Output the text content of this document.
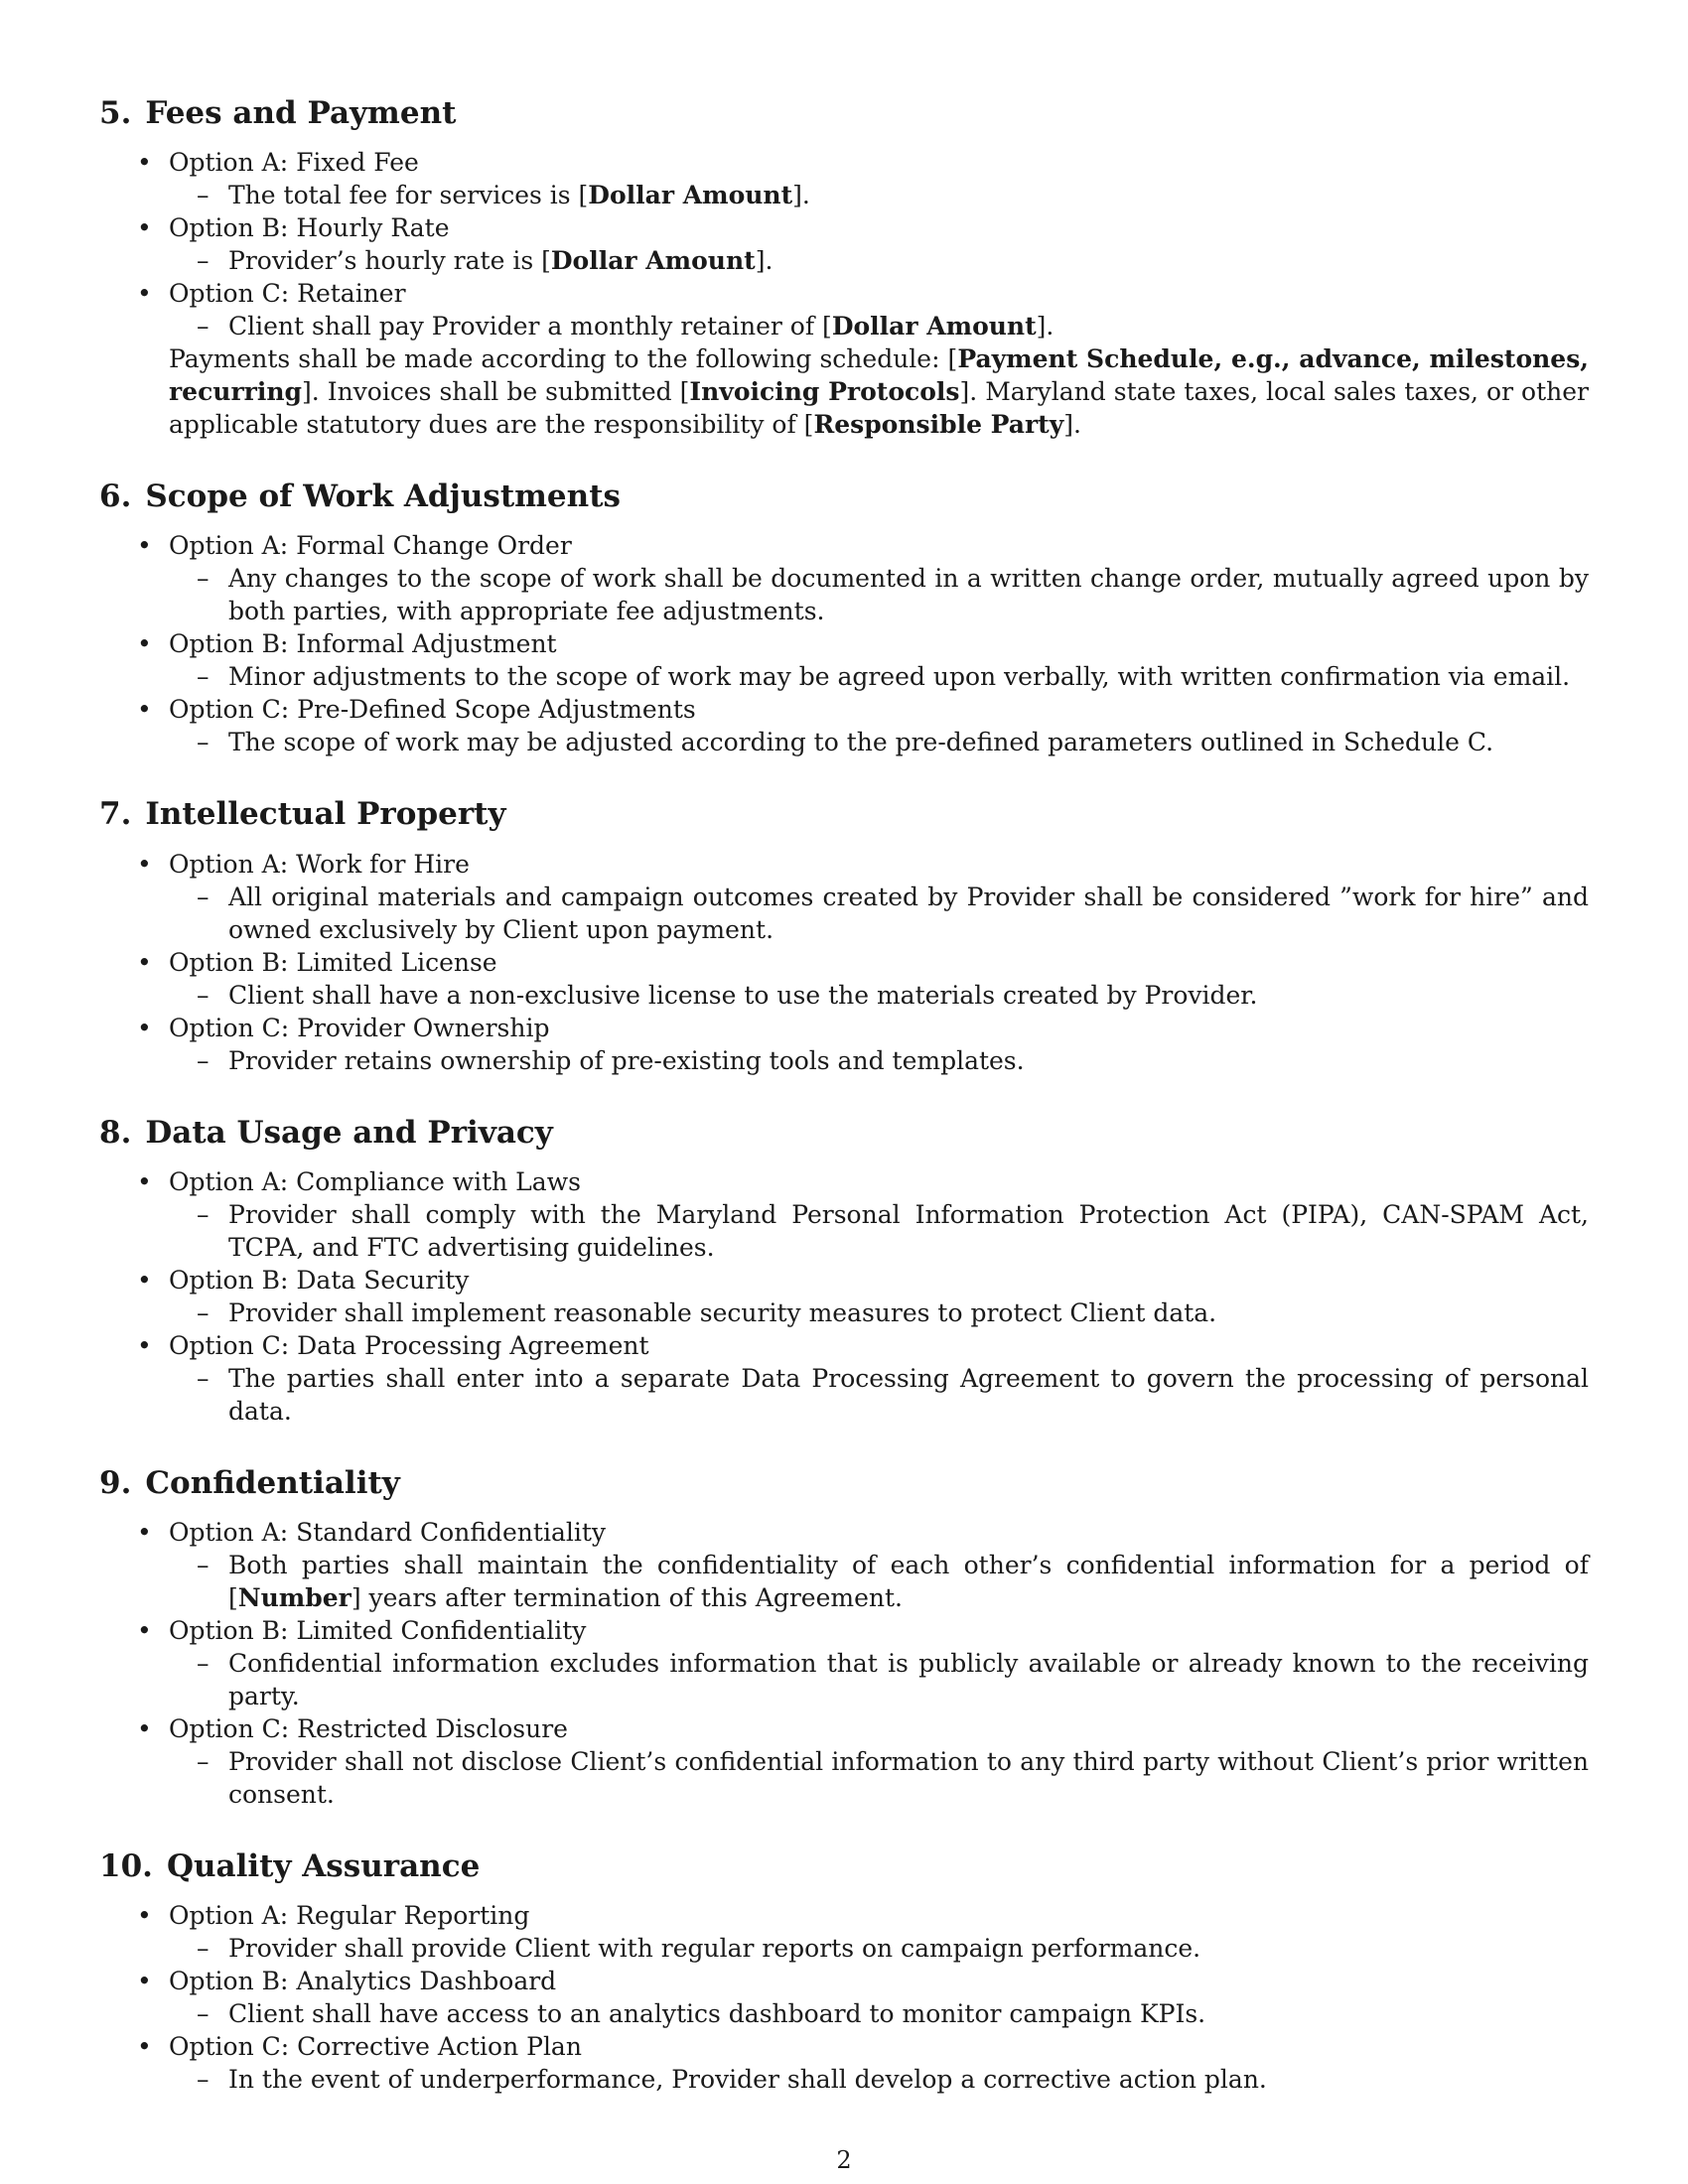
5. Fees and Payment
• Option A: Fixed Fee
– The total fee for services is [Dollar Amount].
• Option B: Hourly Rate
– Provider’s hourly rate is [Dollar Amount].
• Option C: Retainer
– Client shall pay Provider a monthly retainer of [Dollar Amount].
Payments shall be made according to the following schedule: [Payment Schedule, e.g., advance, milestones, recurring]. Invoices shall be submitted [Invoicing Protocols]. Maryland state taxes, local sales taxes, or other applicable statutory dues are the responsibility of [Responsible Party].
6. Scope of Work Adjustments
• Option A: Formal Change Order
– Any changes to the scope of work shall be documented in a written change order, mutually agreed upon by both parties, with appropriate fee adjustments.
• Option B: Informal Adjustment
– Minor adjustments to the scope of work may be agreed upon verbally, with written confirmation via email.
• Option C: Pre-Defined Scope Adjustments
– The scope of work may be adjusted according to the pre-defined parameters outlined in Schedule C.
7. Intellectual Property
• Option A: Work for Hire
– All original materials and campaign outcomes created by Provider shall be considered ”work for hire” and owned exclusively by Client upon payment.
• Option B: Limited License
– Client shall have a non-exclusive license to use the materials created by Provider.
• Option C: Provider Ownership
– Provider retains ownership of pre-existing tools and templates.
8. Data Usage and Privacy
• Option A: Compliance with Laws
– Provider shall comply with the Maryland Personal Information Protection Act (PIPA), CAN-SPAM Act, TCPA, and FTC advertising guidelines.
• Option B: Data Security
– Provider shall implement reasonable security measures to protect Client data.
• Option C: Data Processing Agreement
– The parties shall enter into a separate Data Processing Agreement to govern the processing of personal data.
9. Confidentiality
• Option A: Standard Confidentiality
– Both parties shall maintain the confidentiality of each other’s confidential information for a period of [Number] years after termination of this Agreement.
• Option B: Limited Confidentiality
– Confidential information excludes information that is publicly available or already known to the receiving party.
• Option C: Restricted Disclosure
– Provider shall not disclose Client’s confidential information to any third party without Client’s prior written consent.
10. Quality Assurance
• Option A: Regular Reporting
– Provider shall provide Client with regular reports on campaign performance.
• Option B: Analytics Dashboard
– Client shall have access to an analytics dashboard to monitor campaign KPIs.
• Option C: Corrective Action Plan
– In the event of underperformance, Provider shall develop a corrective action plan.
2
